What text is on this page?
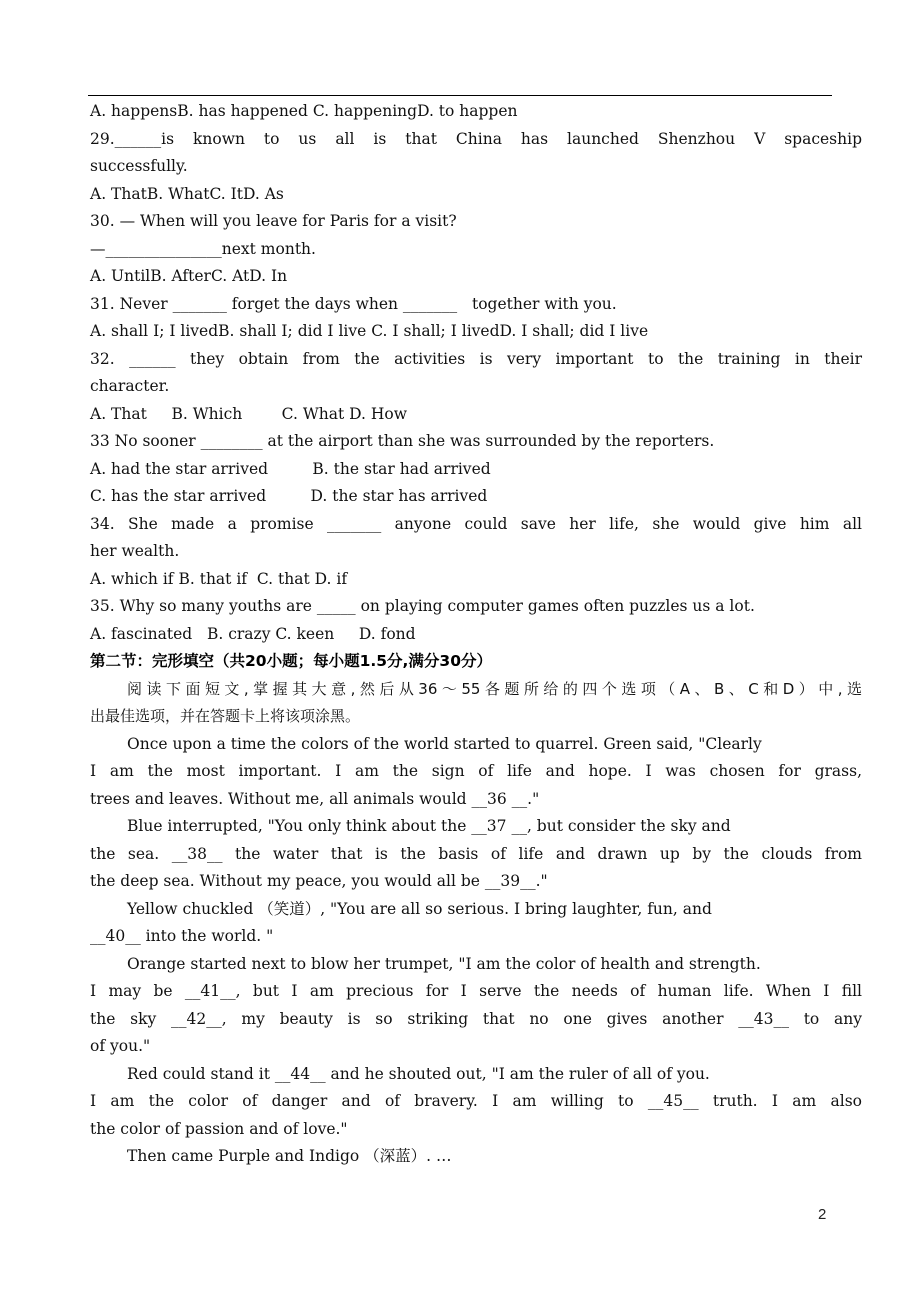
A. happensB. has happened C. happeningD. to happen
29.______is known to us all is that China has launched Shenzhou V spaceship
successfully.
A. ThatB. WhatC. ItD. As
30. — When will you leave for Paris for a visit?
—_______________next month.
A. UntilB. AfterC. AtD. In
31. Never _______ forget the days when _______   together with you.
A. shall I; I livedB. shall I; did I live C. I shall; I livedD. I shall; did I live
32. ______ they obtain from the activities is very important to the training in their
character.
A. That     B. Which        C. What D. How
33 No sooner ________ at the airport than she was surrounded by the reporters.
A. had the star arrived         B. the star had arrived
C. has the star arrived         D. the star has arrived
34. She made a promise _______ anyone could save her life, she would give him all
her wealth.
A. which if B. that if  C. that D. if
35. Why so many youths are _____ on playing computer games often puzzles us a lot.
A. fascinated   B. crazy C. keen     D. fond
第二节：完形填空（共20小题；每小题1.5分,满分30分）
阅读下面短文,掌握其大意,然后从36～55各题所给的四个选项（A、B、C和D）中,选
出最佳选项，并在答题卡上将该项涂黑。
Once upon a time the colors of the world started to quarrel. Green said, "Clearly
I am the most important. I am the sign of life and hope. I was chosen for grass,
trees and leaves. Without me, all animals would __36 __."
Blue interrupted, "You only think about the __37 __, but consider the sky and
the sea. __38__ the water that is the basis of life and drawn up by the clouds from
the deep sea. Without my peace, you would all be __39__."
Yellow chuckled （笑道）, "You are all so serious. I bring laughter, fun, and
__40__ into the world. "
Orange started next to blow her trumpet, "I am the color of health and strength.
I may be __41__, but I am precious for I serve the needs of human life. When I fill
the sky __42__, my beauty is so striking that no one gives another __43__ to any
of you."
Red could stand it __44__ and he shouted out, "I am the ruler of all of you.
I am the color of danger and of bravery. I am willing to __45__ truth. I am also
the color of passion and of love."
Then came Purple and Indigo （深蓝）. …
2
